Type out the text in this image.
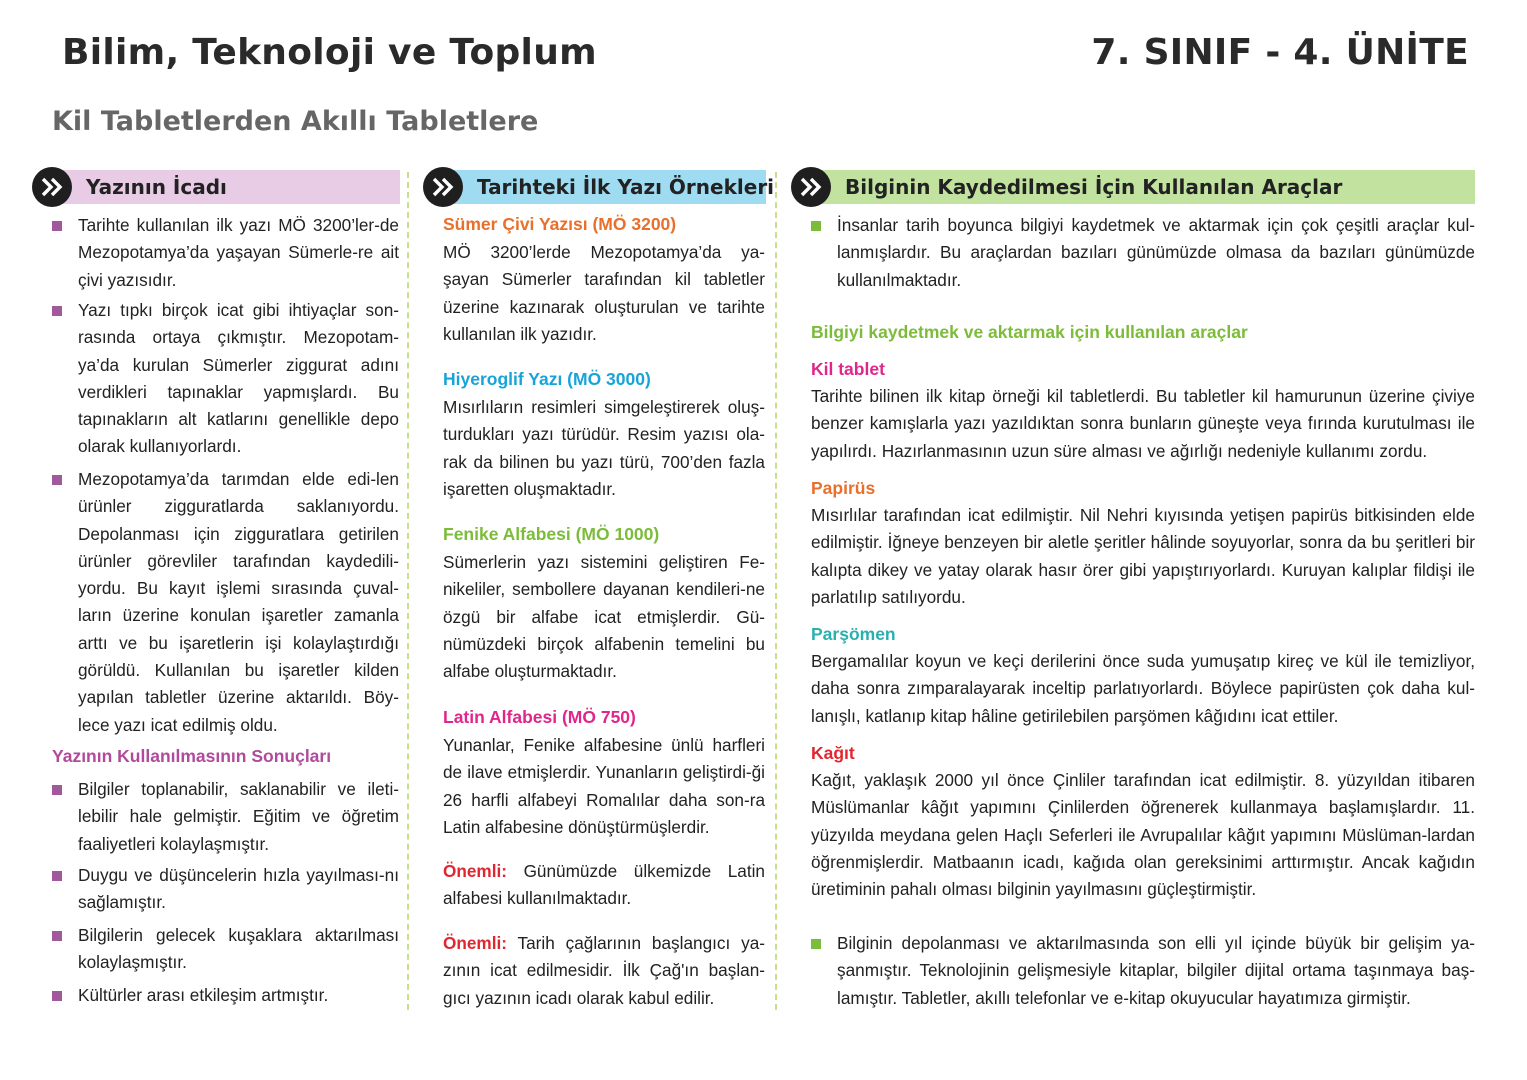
Bilim, Teknoloji ve Toplum	7. SINIF - 4. ÜNİTE
Kil Tabletlerden Akıllı Tabletlere
Yazının İcadı	Tarihteki İlk Yazı Örnekleri	Bilginin Kaydedilmesi İçin Kullanılan Araçlar
Tarihte kullanılan ilk yazı MÖ 3200’ler-de Mezopotamya’da yaşayan Sümerle-re ait çivi yazısıdır.
Yazı tıpkı birçok icat gibi ihtiyaçlar son-rasında ortaya çıkmıştır. Mezopotam-ya’da kurulan Sümerler ziggurat adını verdikleri tapınaklar yapmışlardı. Bu tapınakların alt katlarını genellikle depo olarak kullanıyorlardı.
Mezopotamya’da tarımdan elde edi-len ürünler zigguratlarda saklanıyordu. Depolanması için zigguratlara getirilen ürünler görevliler tarafından kaydedili-yordu. Bu kayıt işlemi sırasında çuval-ların üzerine konulan işaretler zamanla arttı ve bu işaretlerin işi kolaylaştırdığı görüldü. Kullanılan bu işaretler kilden yapılan tabletler üzerine aktarıldı. Böy-lece yazı icat edilmiş oldu.
Yazının Kullanılmasının Sonuçları
Bilgiler toplanabilir, saklanabilir ve ileti-lebilir hale gelmiştir. Eğitim ve öğretim faaliyetleri kolaylaşmıştır.
Duygu ve düşüncelerin hızla yayılması-nı sağlamıştır.
Bilgilerin gelecek kuşaklara aktarılması kolaylaşmıştır.
Kültürler arası etkileşim artmıştır.
Sümer Çivi Yazısı (MÖ 3200)
MÖ 3200’lerde Mezopotamya’da ya-şayan Sümerler tarafından kil tabletler üzerine kazınarak oluşturulan ve tarihte kullanılan ilk yazıdır.
Hiyeroglif Yazı (MÖ 3000)
Mısırlıların resimleri simgeleştirerek oluş-turdukları yazı türüdür. Resim yazısı ola-rak da bilinen bu yazı türü, 700’den fazla işaretten oluşmaktadır.
Fenike Alfabesi (MÖ 1000)
Sümerlerin yazı sistemini geliştiren Fe-nikeliler, sembollere dayanan kendileri-ne özgü bir alfabe icat etmişlerdir. Gü-nümüzdeki birçok alfabenin temelini bu alfabe oluşturmaktadır.
Latin Alfabesi (MÖ 750)
Yunanlar, Fenike alfabesine ünlü harfleri de ilave etmişlerdir. Yunanların geliştirdi-ği 26 harfli alfabeyi Romalılar daha son-ra Latin alfabesine dönüştürmüşlerdir.
Önemli: Günümüzde ülkemizde Latin alfabesi kullanılmaktadır.
Önemli: Tarih çağlarının başlangıcı ya-zının icat edilmesidir. İlk Çağ'ın başlan-gıcı yazının icadı olarak kabul edilir.
İnsanlar tarih boyunca bilgiyi kaydetmek ve aktarmak için çok çeşitli araçlar kul-lanmışlardır. Bu araçlardan bazıları günümüzde olmasa da bazıları günümüzde kullanılmaktadır.
Bilgiyi kaydetmek ve aktarmak için kullanılan araçlar
Kil tablet
Tarihte bilinen ilk kitap örneği kil tabletlerdi. Bu tabletler kil hamurunun üzerine çiviye benzer kamışlarla yazı yazıldıktan sonra bunların güneşte veya fırında kurutulması ile yapılırdı. Hazırlanmasının uzun süre alması ve ağırlığı nedeniyle kullanımı zordu.
Papirüs
Mısırlılar tarafından icat edilmiştir. Nil Nehri kıyısında yetişen papirüs bitkisinden elde edilmiştir. İğneye benzeyen bir aletle şeritler hâlinde soyuyorlar, sonra da bu şeritleri bir kalıpta dikey ve yatay olarak hasır örer gibi yapıştırıyorlardı. Kuruyan kalıplar fildişi ile parlatılıp satılıyordu.
Parşömen
Bergamalılar koyun ve keçi derilerini önce suda yumuşatıp kireç ve kül ile temizliyor, daha sonra zımparalayarak inceltip parlatıyorlardı. Böylece papirüsten çok daha kul-lanışlı, katlanıp kitap hâline getirilebilen parşömen kâğıdını icat ettiler.
Kağıt
Kağıt, yaklaşık 2000 yıl önce Çinliler tarafından icat edilmiştir. 8. yüzyıldan itibaren Müslümanlar kâğıt yapımını Çinlilerden öğrenerek kullanmaya başlamışlardır. 11. yüzyılda meydana gelen Haçlı Seferleri ile Avrupalılar kâğıt yapımını Müslüman-lardan öğrenmişlerdir. Matbaanın icadı, kağıda olan gereksinimi arttırmıştır. Ancak kağıdın üretiminin pahalı olması bilginin yayılmasını güçleştirmiştir.
Bilginin depolanması ve aktarılmasında son elli yıl içinde büyük bir gelişim ya-şanmıştır. Teknolojinin gelişmesiyle kitaplar, bilgiler dijital ortama taşınmaya baş-lamıştır. Tabletler, akıllı telefonlar ve e-kitap okuyucular hayatımıza girmiştir.
